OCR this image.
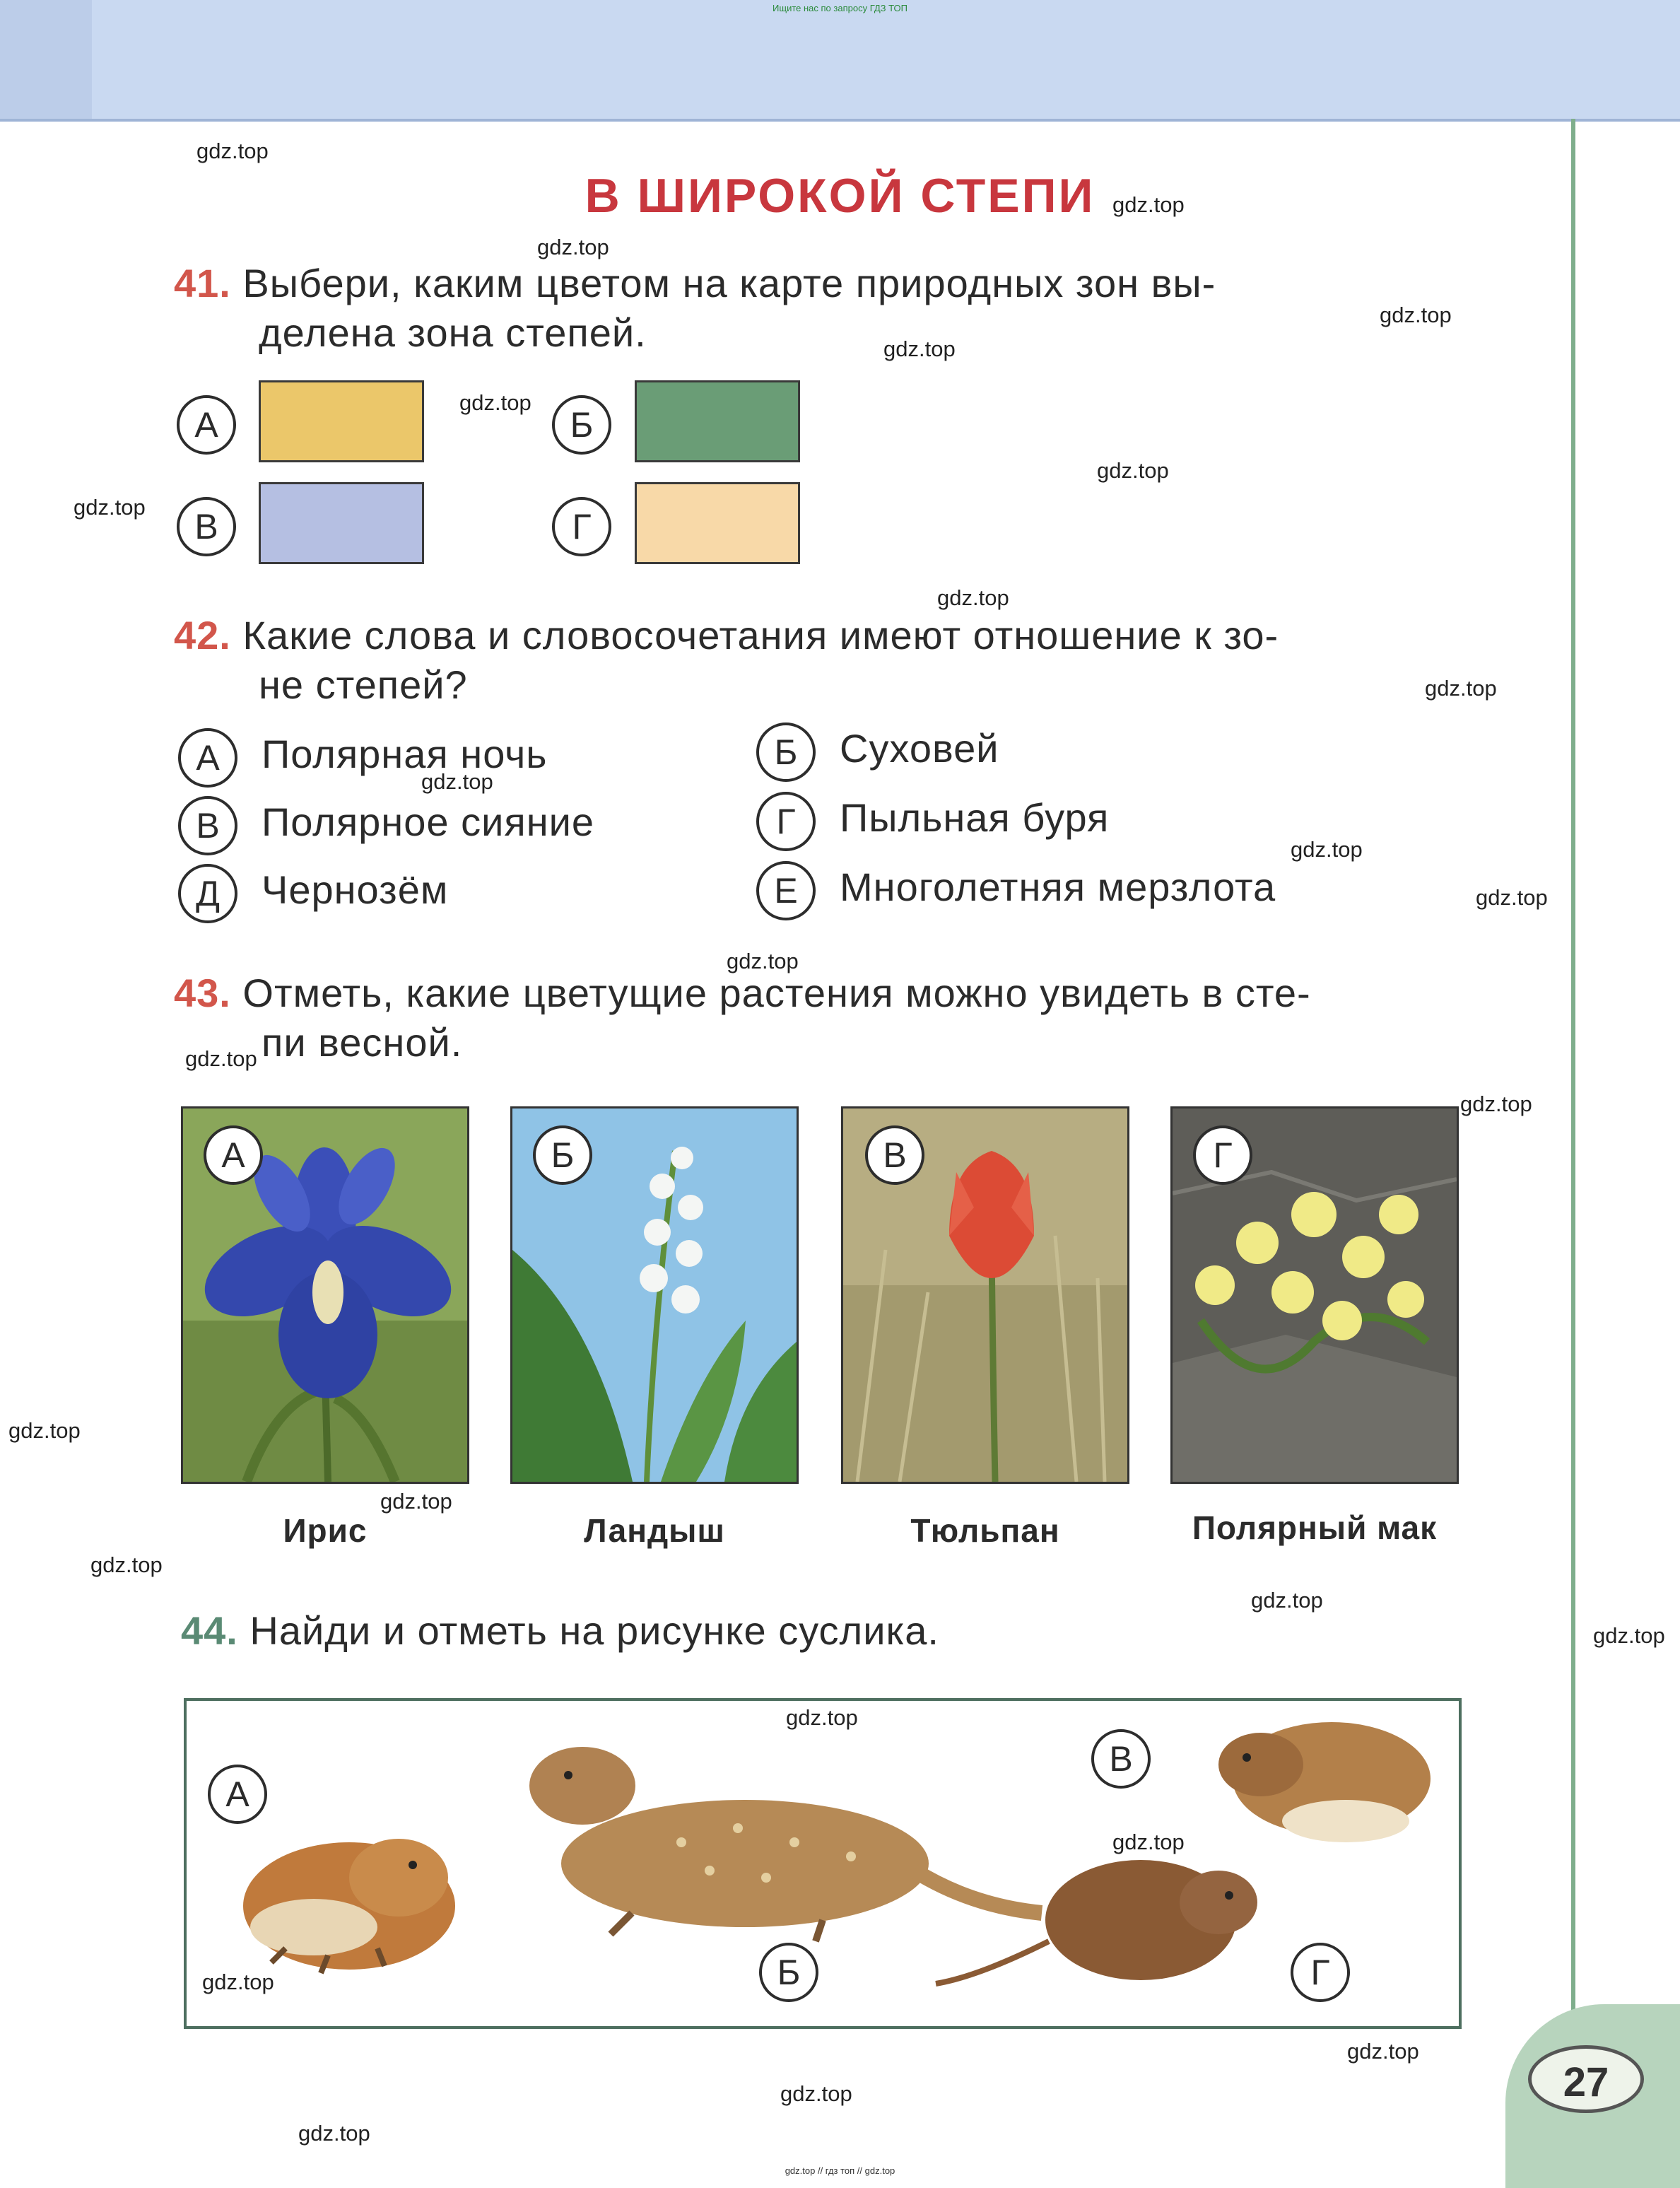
Ищите нас по запросу ГДЗ ТОП
27
В ШИРОКОЙ СТЕПИ
41. Выбери, каким цветом на карте природных зон вы-
делена зона степей.
А	Б
В	Г
42. Какие слова и словосочетания имеют отношение к зо-
не степей?
А	Полярная ночь	Б	Суховей
В	Полярное сияние	Г	Пыльная буря
Д	Чернозём	Е	Многолетняя мерзлота
43. Отметь, какие цветущие растения можно увидеть в сте-
пи весной.
А
Ирис
Б
Ландыш
В
Тюльпан
Г
Полярный мак
44. Найди и отметь на рисунке суслика.
А
Б
В
Г
gdz.top
gdz.top
gdz.top
gdz.top
gdz.top
gdz.top
gdz.top
gdz.top
gdz.top
gdz.top
gdz.top
gdz.top
gdz.top
gdz.top
gdz.top
gdz.top
gdz.top
gdz.top
gdz.top
gdz.top
gdz.top
gdz.top
gdz.top
gdz.top
gdz.top
gdz.top
gdz.top
gdz.top // гдз топ // gdz.top
